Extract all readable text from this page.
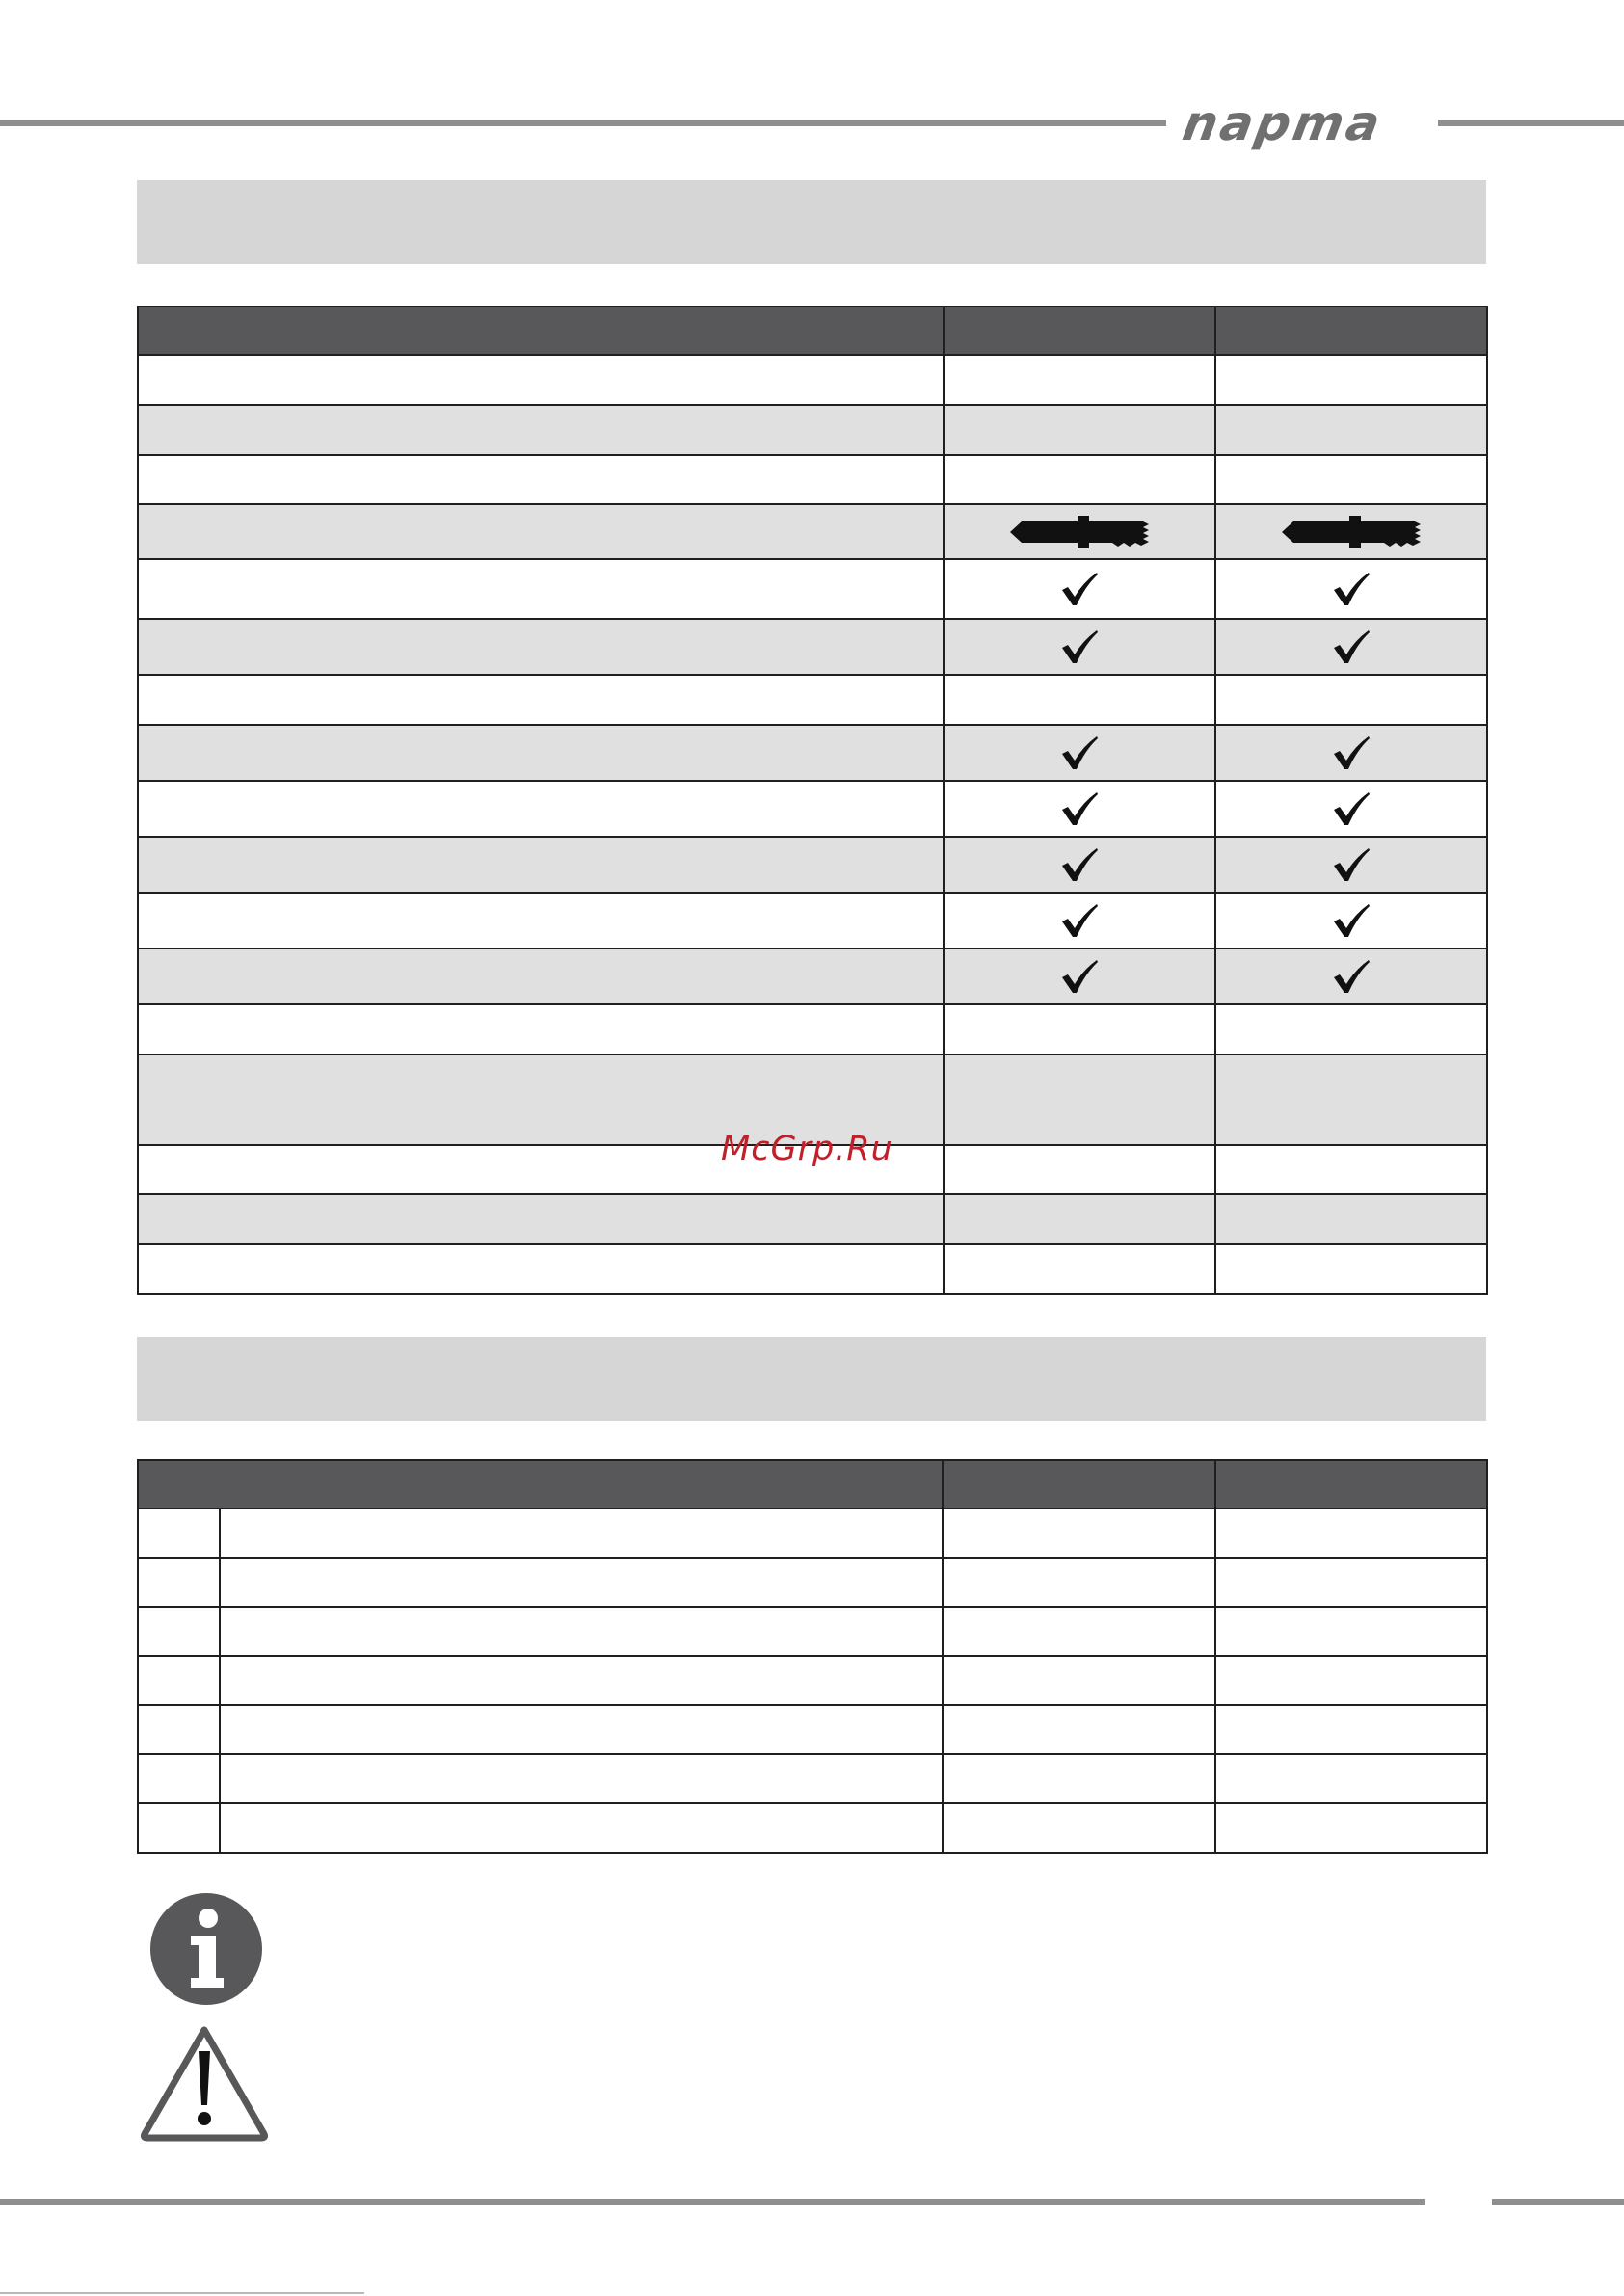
napma

McGrp.Ru
